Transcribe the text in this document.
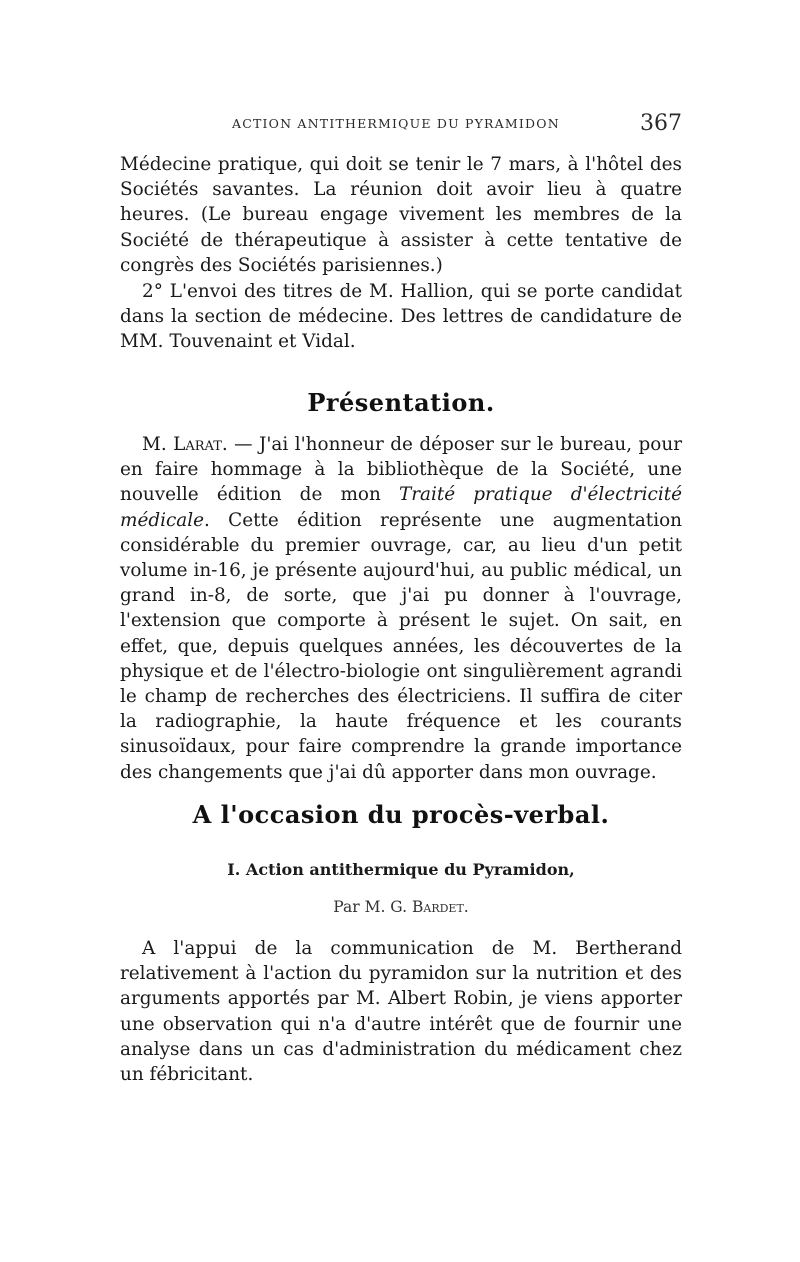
ACTION ANTITHERMIQUE DU PYRAMIDON	367

Médecine pratique, qui doit se tenir le 7 mars, à l'hôtel des Sociétés savantes. La réunion doit avoir lieu à quatre heures. (Le bureau engage vivement les membres de la Société de thérapeutique à assister à cette tentative de congrès des Sociétés parisiennes.)

2° L'envoi des titres de M. Hallion, qui se porte candidat dans la section de médecine. Des lettres de candidature de MM. Touvenaint et Vidal.

Présentation.

M. Larat. — J'ai l'honneur de déposer sur le bureau, pour en faire hommage à la bibliothèque de la Société, une nouvelle édition de mon Traité pratique d'électricité médicale. Cette édition représente une augmentation considérable du premier ouvrage, car, au lieu d'un petit volume in-16, je présente aujourd'hui, au public médical, un grand in-8, de sorte, que j'ai pu donner à l'ouvrage, l'extension que comporte à présent le sujet. On sait, en effet, que, depuis quelques années, les découvertes de la physique et de l'électro-biologie ont singulièrement agrandi le champ de recherches des électriciens. Il suffira de citer la radiographie, la haute fréquence et les courants sinusoïdaux, pour faire comprendre la grande importance des changements que j'ai dû apporter dans mon ouvrage.

A l'occasion du procès-verbal.
I. Action antithermique du Pyramidon,
Par M. G. Bardet.

A l'appui de la communication de M. Bertherand relativement à l'action du pyramidon sur la nutrition et des arguments apportés par M. Albert Robin, je viens apporter une observation qui n'a d'autre intérêt que de fournir une analyse dans un cas d'administration du médicament chez un fébricitant.
